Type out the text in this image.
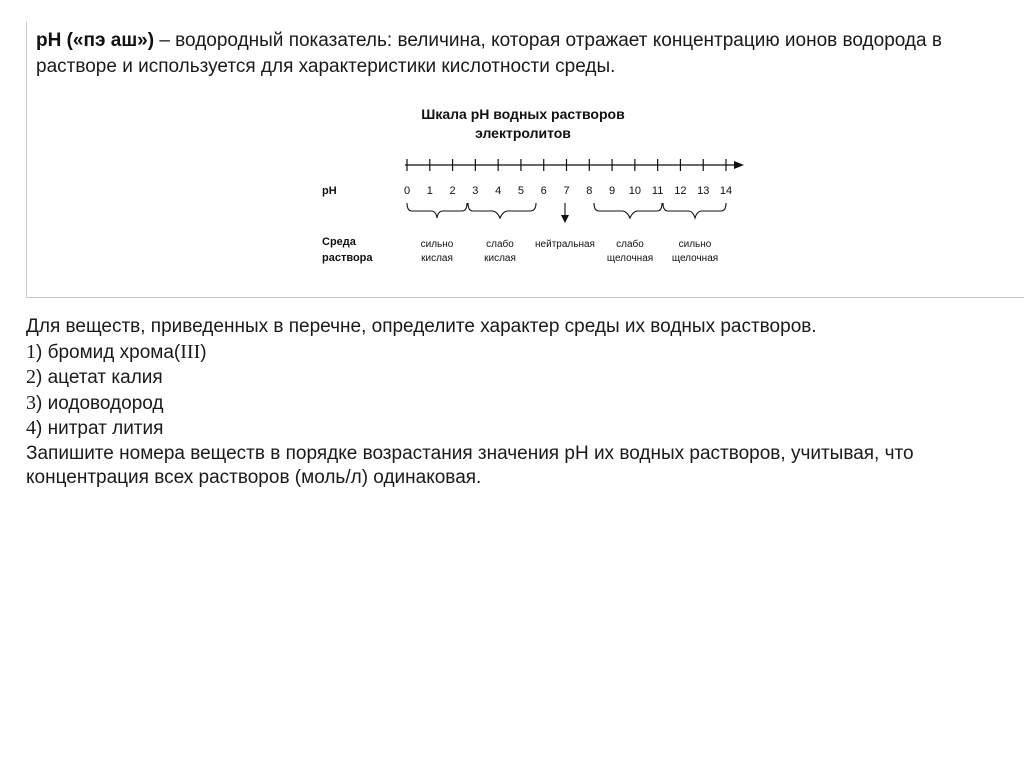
pH («пэ аш») – водородный показатель: величина, которая отражает концентрацию ионов водорода в растворе и используется для характеристики кислотности среды.

Шкала рН водных растворов
электролитов
0 1 2 3 4 5 6 7 8 9 10 11 12 13 14
рН
Среда
раствора
сильно
кислая
слабо
кислая
нейтральная слабо
щелочная
сильно
щелочная

Для веществ, приведенных в перечне, определите характер среды их водных растворов.

1) бромид хрома(III)

2) ацетат калия

3) иодоводород

4) нитрат лития

Запишите номера веществ в порядке возрастания значения рН их водных растворов, учитывая, что концентрация всех растворов (моль/л) одинаковая.
